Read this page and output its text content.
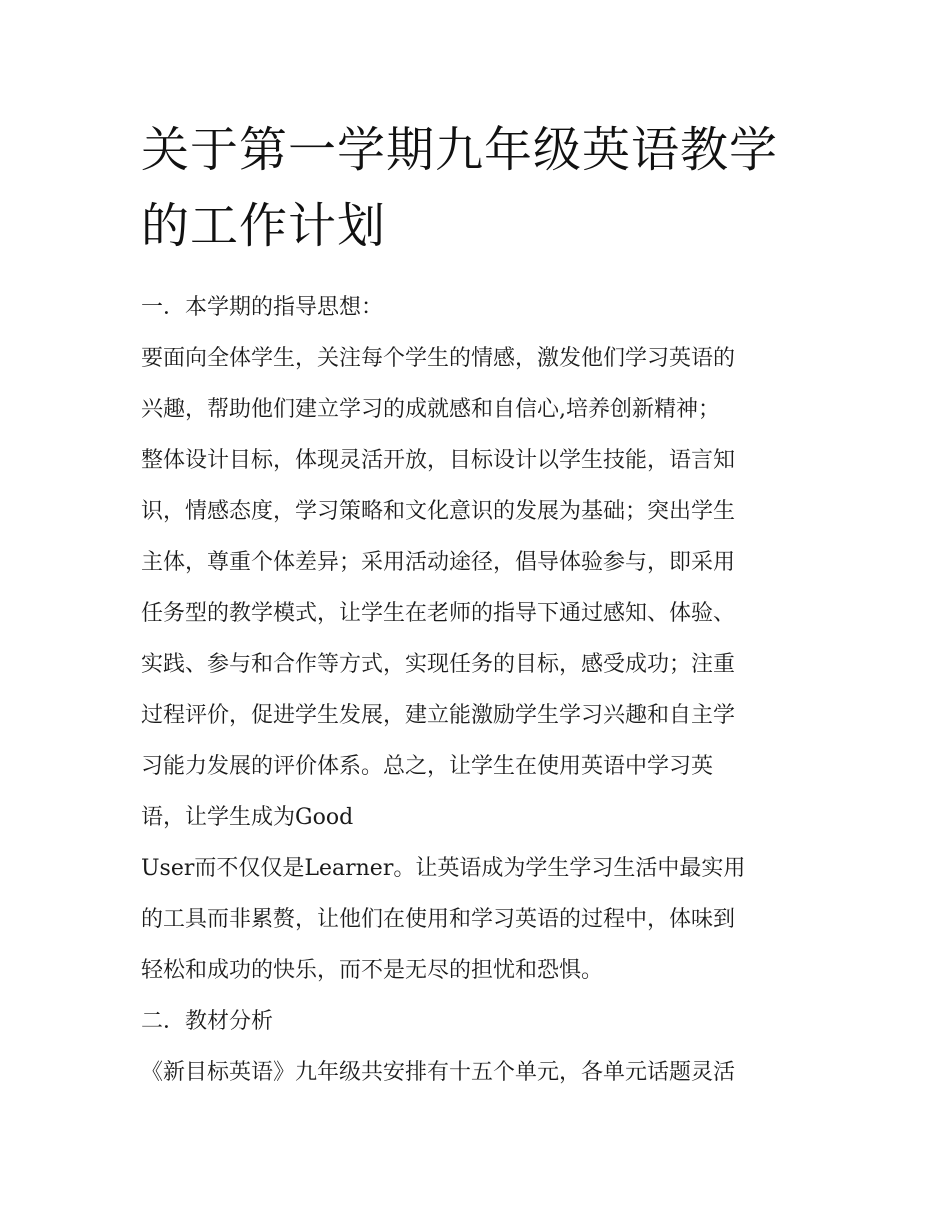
关于第一学期九年级英语教学
的工作计划

一．本学期的指导思想：

要面向全体学生，关注每个学生的情感，激发他们学习英语的

兴趣，帮助他们建立学习的成就感和自信心,培养创新精神；

整体设计目标，体现灵活开放，目标设计以学生技能，语言知

识，情感态度，学习策略和文化意识的发展为基础；突出学生

主体，尊重个体差异；采用活动途径，倡导体验参与，即采用

任务型的教学模式，让学生在老师的指导下通过感知、体验、

实践、参与和合作等方式，实现任务的目标，感受成功；注重

过程评价，促进学生发展，建立能激励学生学习兴趣和自主学

习能力发展的评价体系。总之，让学生在使用英语中学习英

语，让学生成为Good

User而不仅仅是Learner。让英语成为学生学习生活中最实用

的工具而非累赘，让他们在使用和学习英语的过程中，体味到

轻松和成功的快乐，而不是无尽的担忧和恐惧。

二．教材分析

《新目标英语》九年级共安排有十五个单元，各单元话题灵活
